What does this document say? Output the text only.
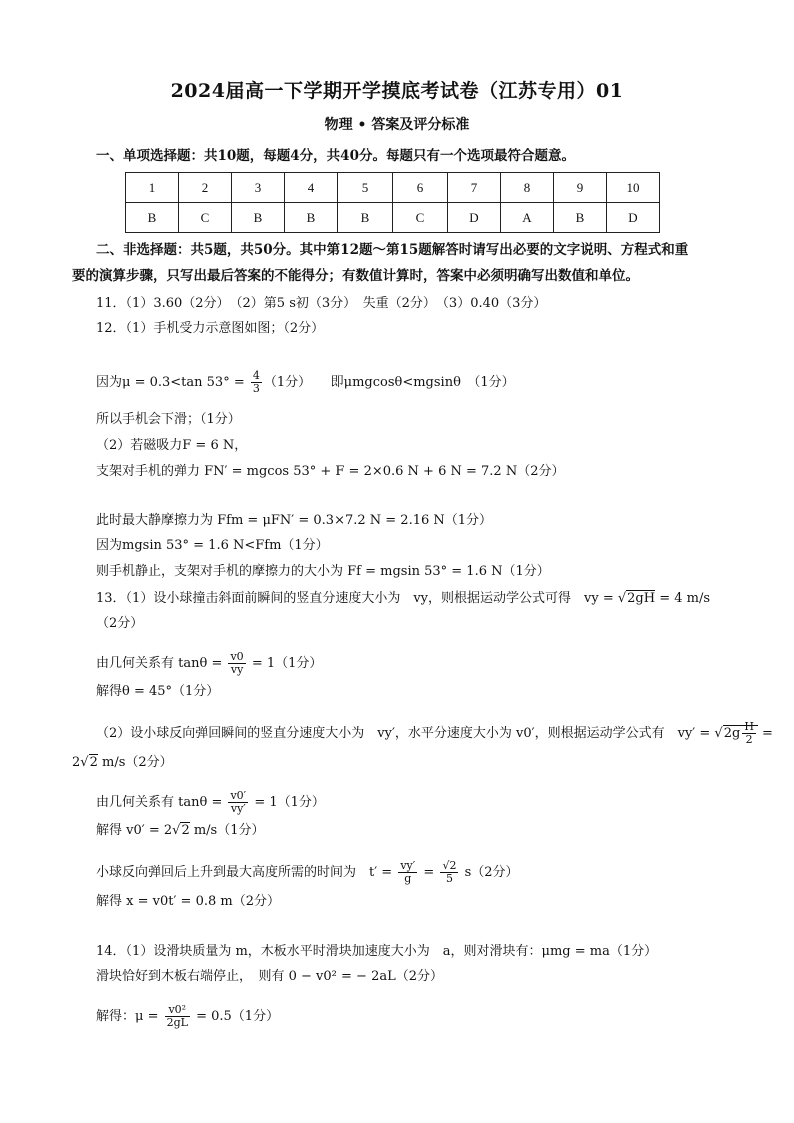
2024届高一下学期开学摸底考试卷（江苏专用）01
物理 • 答案及评分标准
一、单项选择题：共10题，每题4分，共40分。每题只有一个选项最符合题意。
1	2	3	4	5	6	7	8	9	10
B	C	B	B	B	C	D	A	B	D
二、非选择题：共5题，共50分。其中第12题～第15题解答时请写出必要的文字说明、方程式和重
要的演算步骤，只写出最后答案的不能得分；有数值计算时，答案中必须明确写出数值和单位。
11．（1）3.60（2分）　（2）第5 s初（3分）　失重（2分）　（3）0.40（3分）
12．（1）手机受力示意图如图；（2分）
因为μ = 0.3<tan $53^\circ = \frac{4}{3} (1$分）　　即μmgcosθ<mgsinθ　（1分）
所以手机会下滑；（1分）
（2）若磁吸力F = 6 N，
支架对手机的弹力 FN′ = mgcos 53° + F = 2×0.6 N + 6 N = 7.2 N（2分）
此时最大静摩擦力为 Ffm = μFN′ = 0.3×7.2 N = 2.16 N（1分）
因为mgsin 53° = 1.6 N<Ffm（1分）
则手机静止，支架对手机的摩擦力的大小为 Ff = mgsin 53° = 1.6 N（1分）
13．（1）设小球撞击斜面前瞬间的竖直分速度大小为　vy，则根据运动学公式可得　vy = √2gH = 4 m/s
（2分）
由几何关系有 $\tan\theta = \frac{v0}{vy} = 1(1$分）
解得θ = 45°（1分）
（2）设小球反向弹回瞬间的竖直分速度大小为　vy′，水平分速度大小为 v0′，则根据运动学公式有　$vy' = √2g \frac{H}{2}$ =
2√2 m/s（2分）
由几何关系有 $\tan\theta = \frac{v0'}{vy'} = 1(1$分）
解得 v0′ = 2√2 m/s（1分）
小球反向弹回后上升到最大高度所需的时间为　$t' = \frac{vy'}{g} = \frac{√2}{5} s(2$分）
解得 x = v0t′ = 0.8 m（2分）
14．（1）设滑块质量为 m，木板水平时滑块加速度大小为　a，则对滑块有：μmg = ma（1分）
滑块恰好到木板右端停止，　则有 0 − v0² = − 2aL（2分）
解得：$\mu = \frac{\text{v0²}}{2gL} = 0.5(1$分）
